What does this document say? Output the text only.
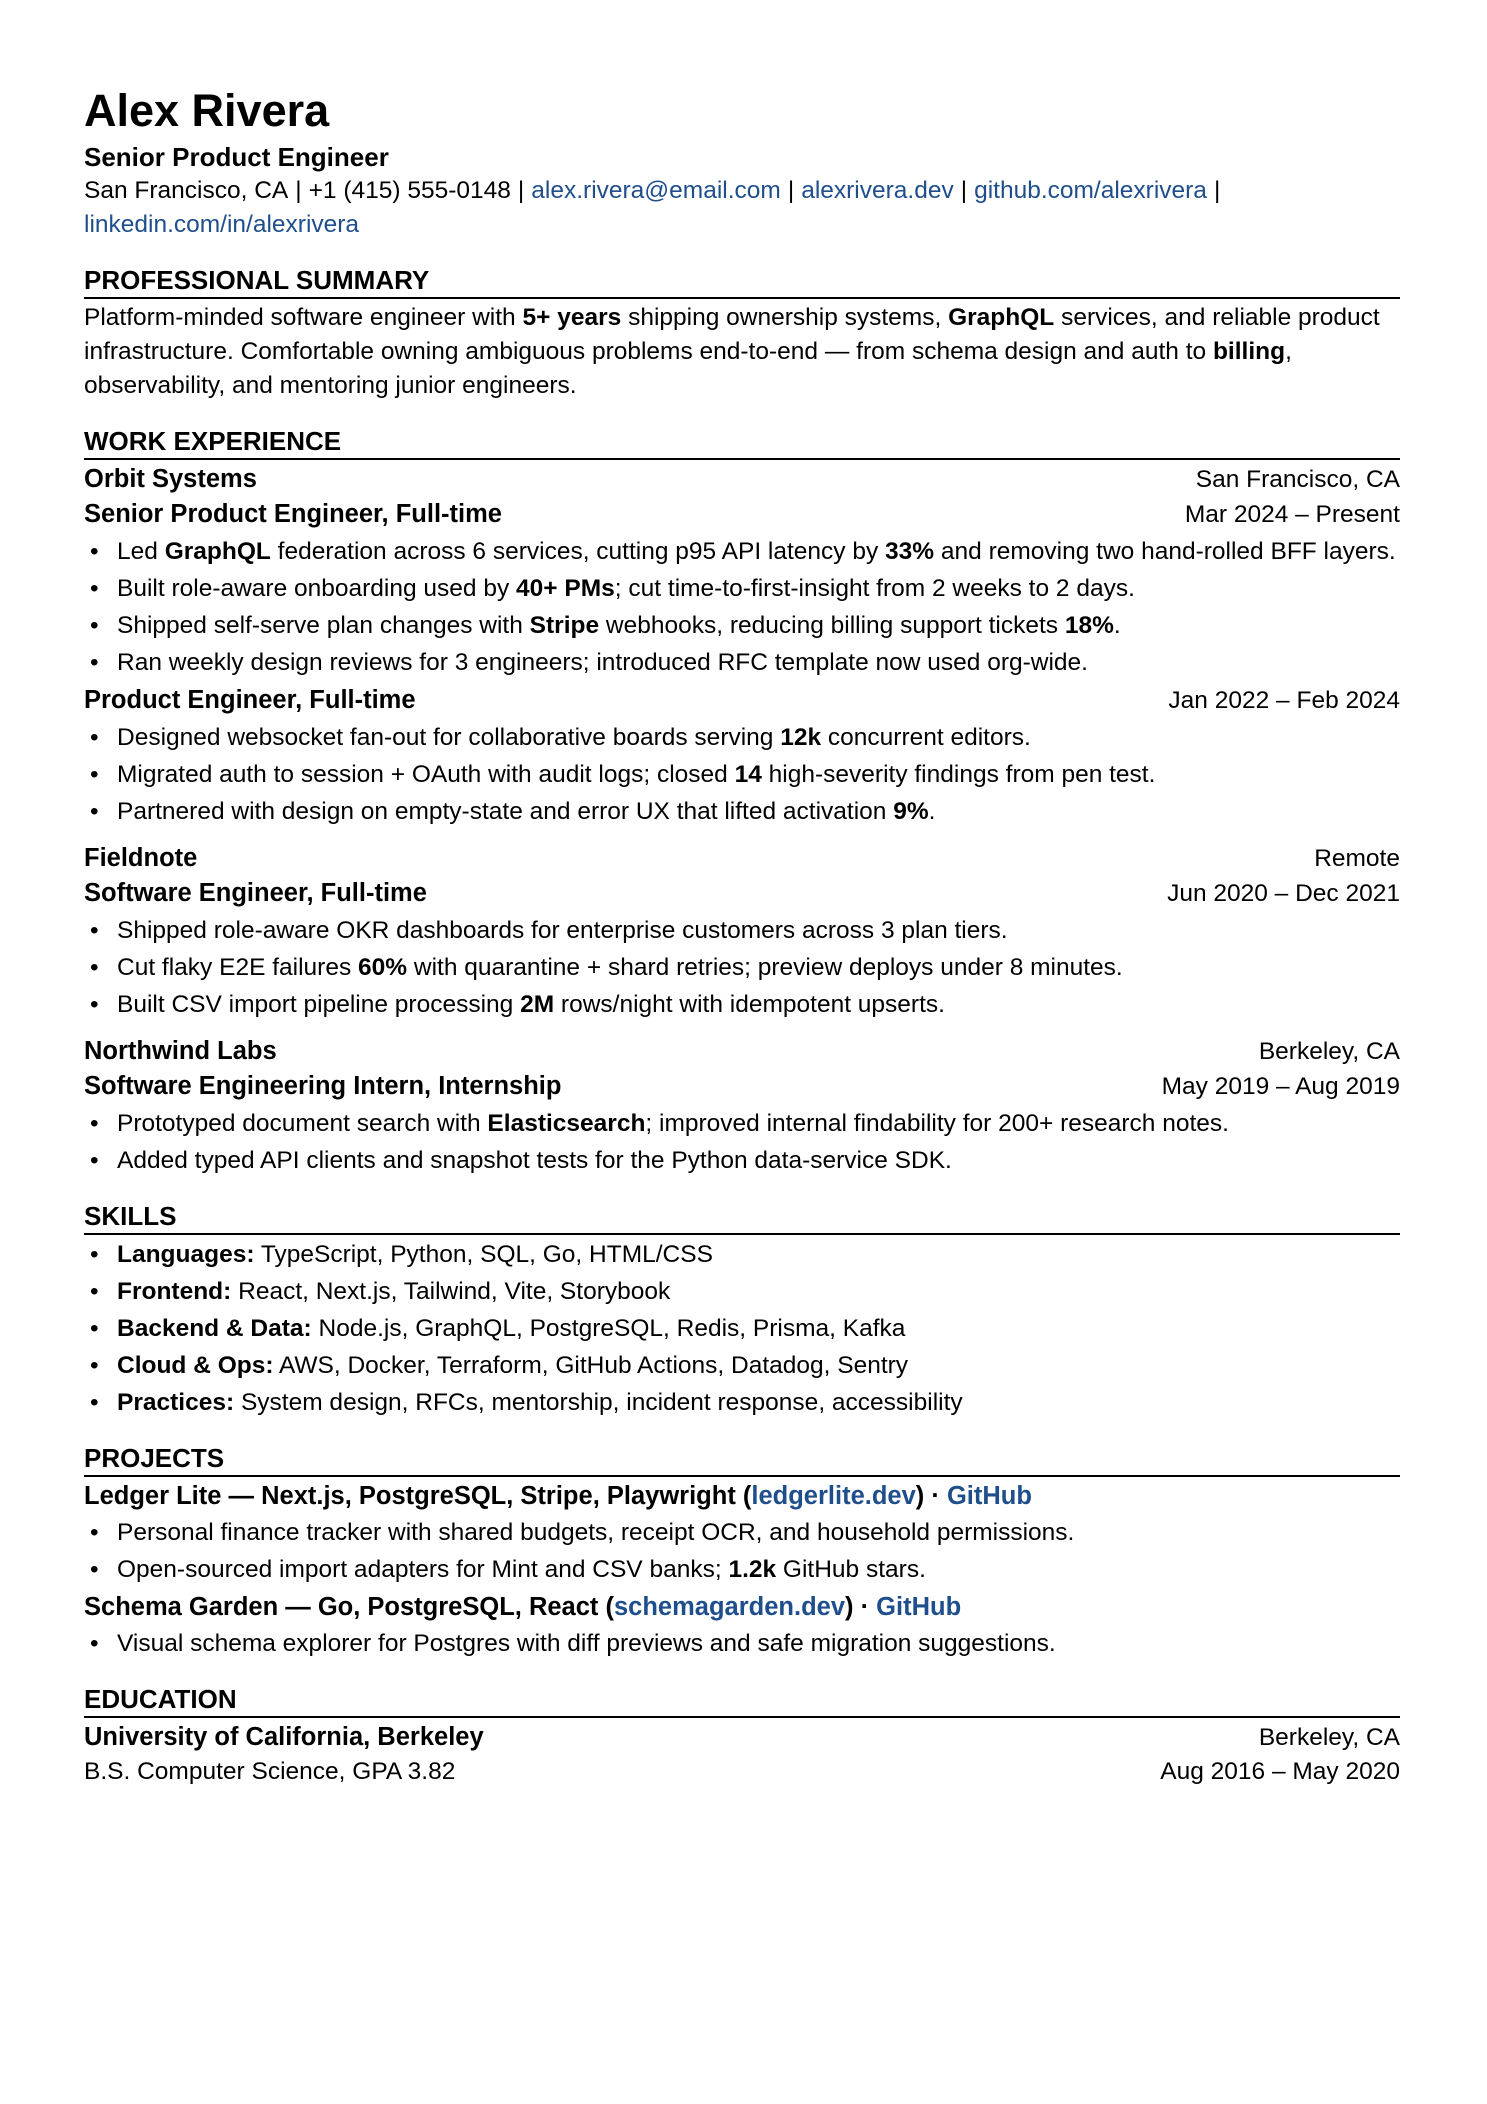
Alex Rivera
Senior Product Engineer
San Francisco, CA | +1 (415) 555-0148 | alex.rivera@email.com | alexrivera.dev | github.com/alexrivera |
linkedin.com/in/alexrivera
PROFESSIONAL SUMMARY
Platform-minded software engineer with 5+ years shipping ownership systems, GraphQL services, and reliable product infrastructure. Comfortable owning ambiguous problems end-to-end — from schema design and auth to billing, observability, and mentoring junior engineers.
WORK EXPERIENCE
Orbit Systems	San Francisco, CA
Senior Product Engineer, Full-time	Mar 2024 – Present
• Led GraphQL federation across 6 services, cutting p95 API latency by 33% and removing two hand-rolled BFF layers.
• Built role-aware onboarding used by 40+ PMs; cut time-to-first-insight from 2 weeks to 2 days.
• Shipped self-serve plan changes with Stripe webhooks, reducing billing support tickets 18%.
• Ran weekly design reviews for 3 engineers; introduced RFC template now used org-wide.
Product Engineer, Full-time	Jan 2022 – Feb 2024
• Designed websocket fan-out for collaborative boards serving 12k concurrent editors.
• Migrated auth to session + OAuth with audit logs; closed 14 high-severity findings from pen test.
• Partnered with design on empty-state and error UX that lifted activation 9%.
Fieldnote	Remote
Software Engineer, Full-time	Jun 2020 – Dec 2021
• Shipped role-aware OKR dashboards for enterprise customers across 3 plan tiers.
• Cut flaky E2E failures 60% with quarantine + shard retries; preview deploys under 8 minutes.
• Built CSV import pipeline processing 2M rows/night with idempotent upserts.
Northwind Labs	Berkeley, CA
Software Engineering Intern, Internship	May 2019 – Aug 2019
• Prototyped document search with Elasticsearch; improved internal findability for 200+ research notes.
• Added typed API clients and snapshot tests for the Python data-service SDK.
SKILLS
• Languages: TypeScript, Python, SQL, Go, HTML/CSS
• Frontend: React, Next.js, Tailwind, Vite, Storybook
• Backend & Data: Node.js, GraphQL, PostgreSQL, Redis, Prisma, Kafka
• Cloud & Ops: AWS, Docker, Terraform, GitHub Actions, Datadog, Sentry
• Practices: System design, RFCs, mentorship, incident response, accessibility
PROJECTS
Ledger Lite — Next.js, PostgreSQL, Stripe, Playwright (ledgerlite.dev) · GitHub
• Personal finance tracker with shared budgets, receipt OCR, and household permissions.
• Open-sourced import adapters for Mint and CSV banks; 1.2k GitHub stars.
Schema Garden — Go, PostgreSQL, React (schemagarden.dev) · GitHub
• Visual schema explorer for Postgres with diff previews and safe migration suggestions.
EDUCATION
University of California, Berkeley	Berkeley, CA
B.S. Computer Science, GPA 3.82	Aug 2016 – May 2020
